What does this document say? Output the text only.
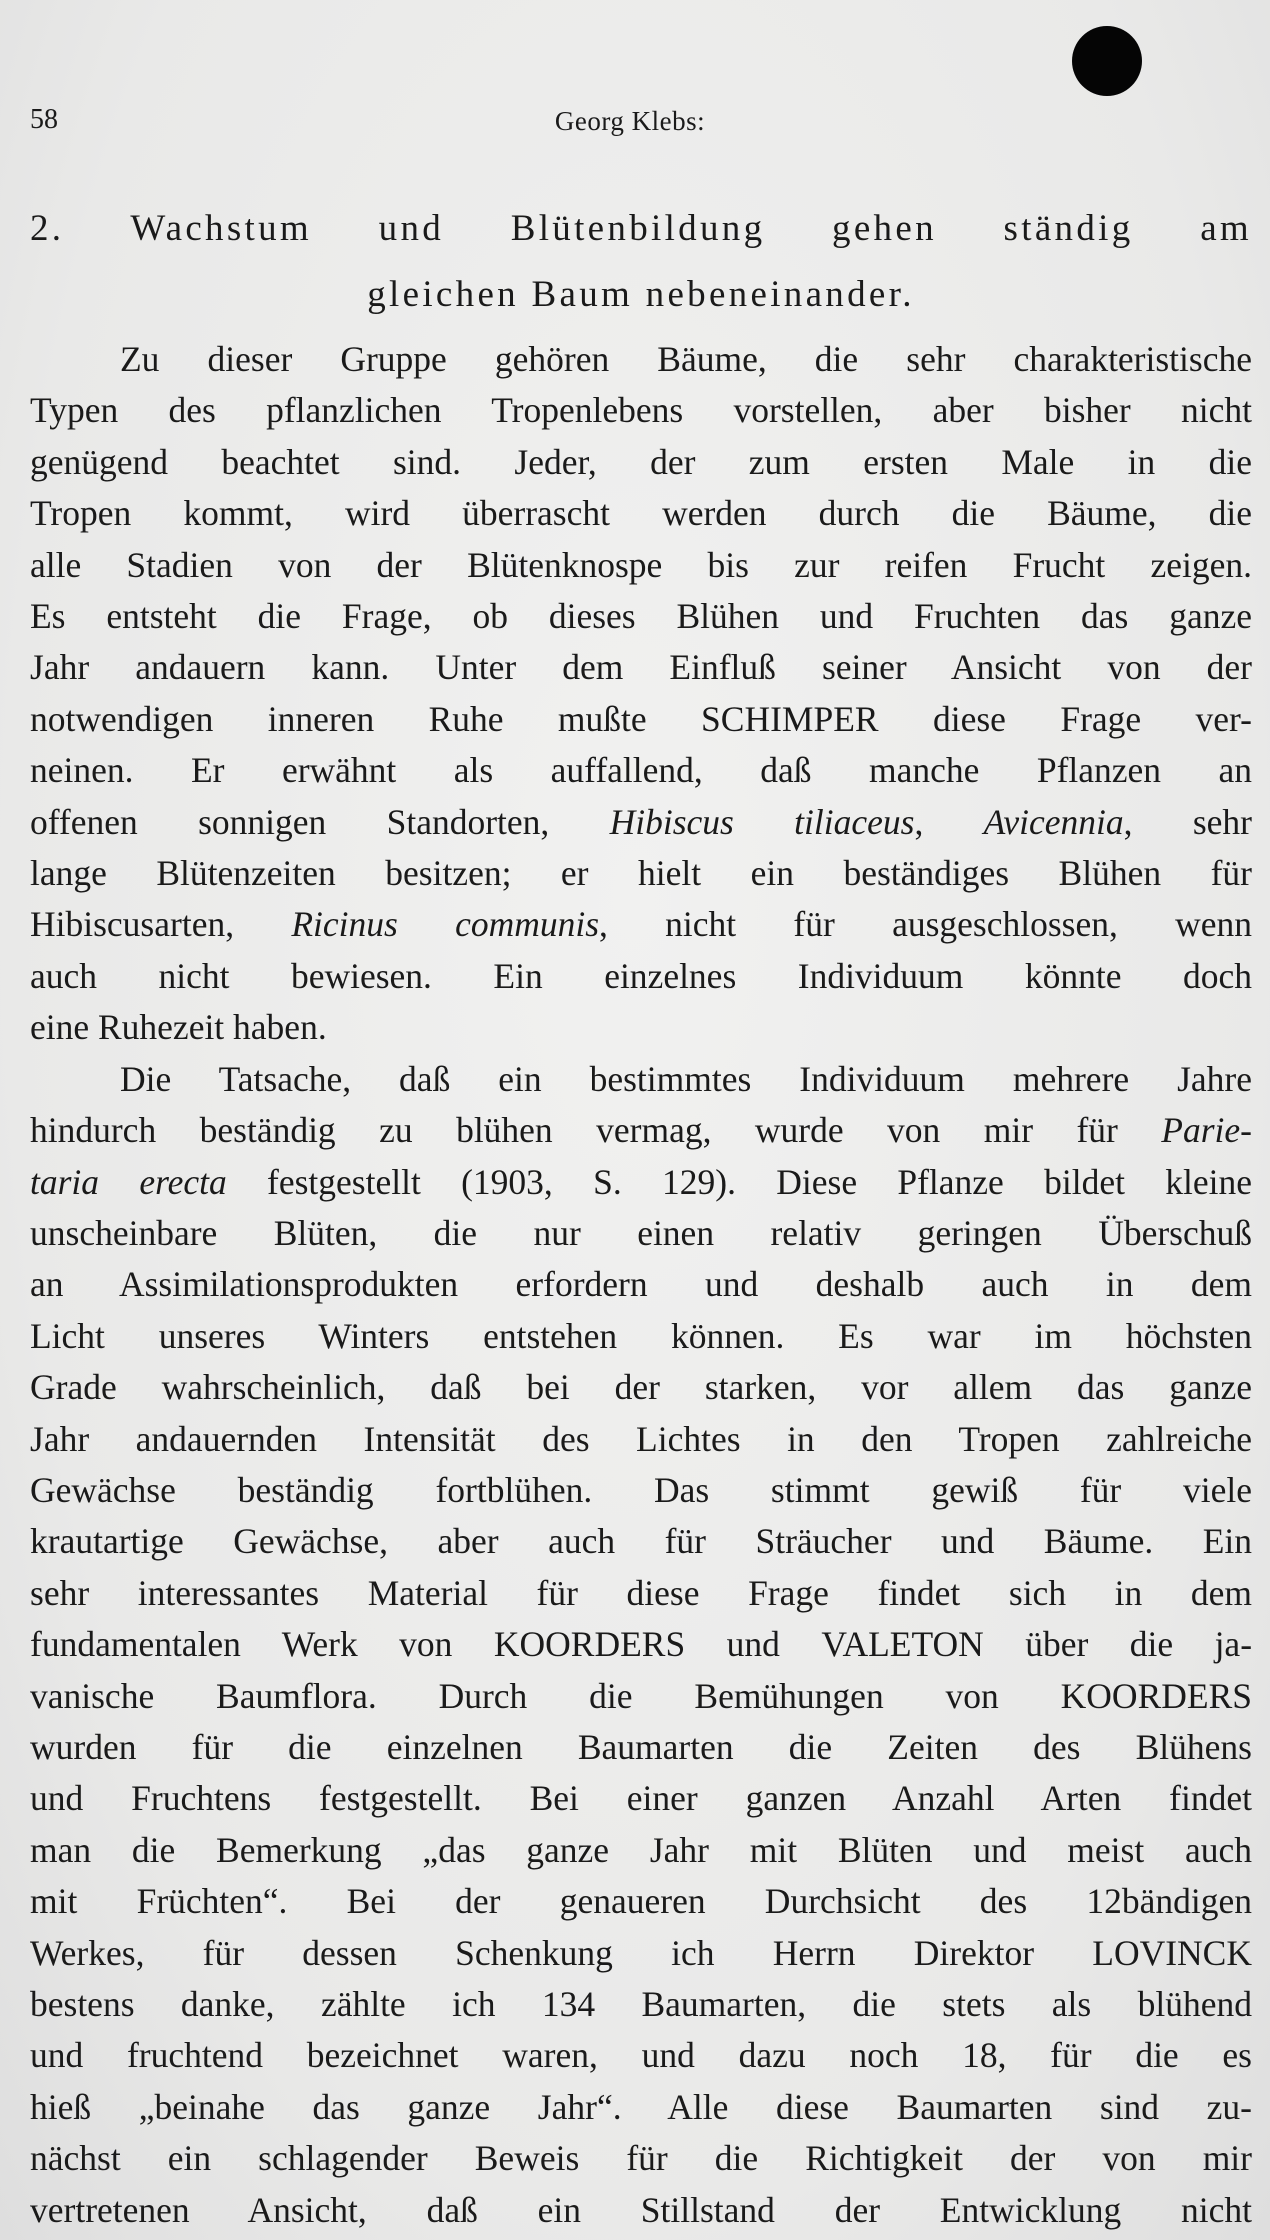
58	Georg Klebs:
2. Wachstum und Blütenbildung gehen ständig am
gleichen Baum nebeneinander.
Zu dieser Gruppe gehören Bäume, die sehr charakteristische
Typen des pflanzlichen Tropenlebens vorstellen, aber bisher nicht
genügend beachtet sind. Jeder, der zum ersten Male in die
Tropen kommt, wird überrascht werden durch die Bäume, die
alle Stadien von der Blütenknospe bis zur reifen Frucht zeigen.
Es entsteht die Frage, ob dieses Blühen und Fruchten das ganze
Jahr andauern kann. Unter dem Einfluß seiner Ansicht von der
notwendigen inneren Ruhe mußte SCHIMPER diese Frage ver-
neinen. Er erwähnt als auffallend, daß manche Pflanzen an
offenen sonnigen Standorten, Hibiscus tiliaceus, Avicennia, sehr
lange Blütenzeiten besitzen; er hielt ein beständiges Blühen für
Hibiscusarten, Ricinus communis, nicht für ausgeschlossen, wenn
auch nicht bewiesen. Ein einzelnes Individuum könnte doch
eine Ruhezeit haben.
Die Tatsache, daß ein bestimmtes Individuum mehrere Jahre
hindurch beständig zu blühen vermag, wurde von mir für Parie-
taria erecta festgestellt (1903, S. 129). Diese Pflanze bildet kleine
unscheinbare Blüten, die nur einen relativ geringen Überschuß
an Assimilationsprodukten erfordern und deshalb auch in dem
Licht unseres Winters entstehen können. Es war im höchsten
Grade wahrscheinlich, daß bei der starken, vor allem das ganze
Jahr andauernden Intensität des Lichtes in den Tropen zahlreiche
Gewächse beständig fortblühen. Das stimmt gewiß für viele
krautartige Gewächse, aber auch für Sträucher und Bäume. Ein
sehr interessantes Material für diese Frage findet sich in dem
fundamentalen Werk von KOORDERS und VALETON über die ja-
vanische Baumflora. Durch die Bemühungen von KOORDERS
wurden für die einzelnen Baumarten die Zeiten des Blühens
und Fruchtens festgestellt. Bei einer ganzen Anzahl Arten findet
man die Bemerkung „das ganze Jahr mit Blüten und meist auch
mit Früchten“. Bei der genaueren Durchsicht des 12bändigen
Werkes, für dessen Schenkung ich Herrn Direktor LOVINCK
bestens danke, zählte ich 134 Baumarten, die stets als blühend
und fruchtend bezeichnet waren, und dazu noch 18, für die es
hieß „beinahe das ganze Jahr“. Alle diese Baumarten sind zu-
nächst ein schlagender Beweis für die Richtigkeit der von mir
vertretenen Ansicht, daß ein Stillstand der Entwicklung nicht
